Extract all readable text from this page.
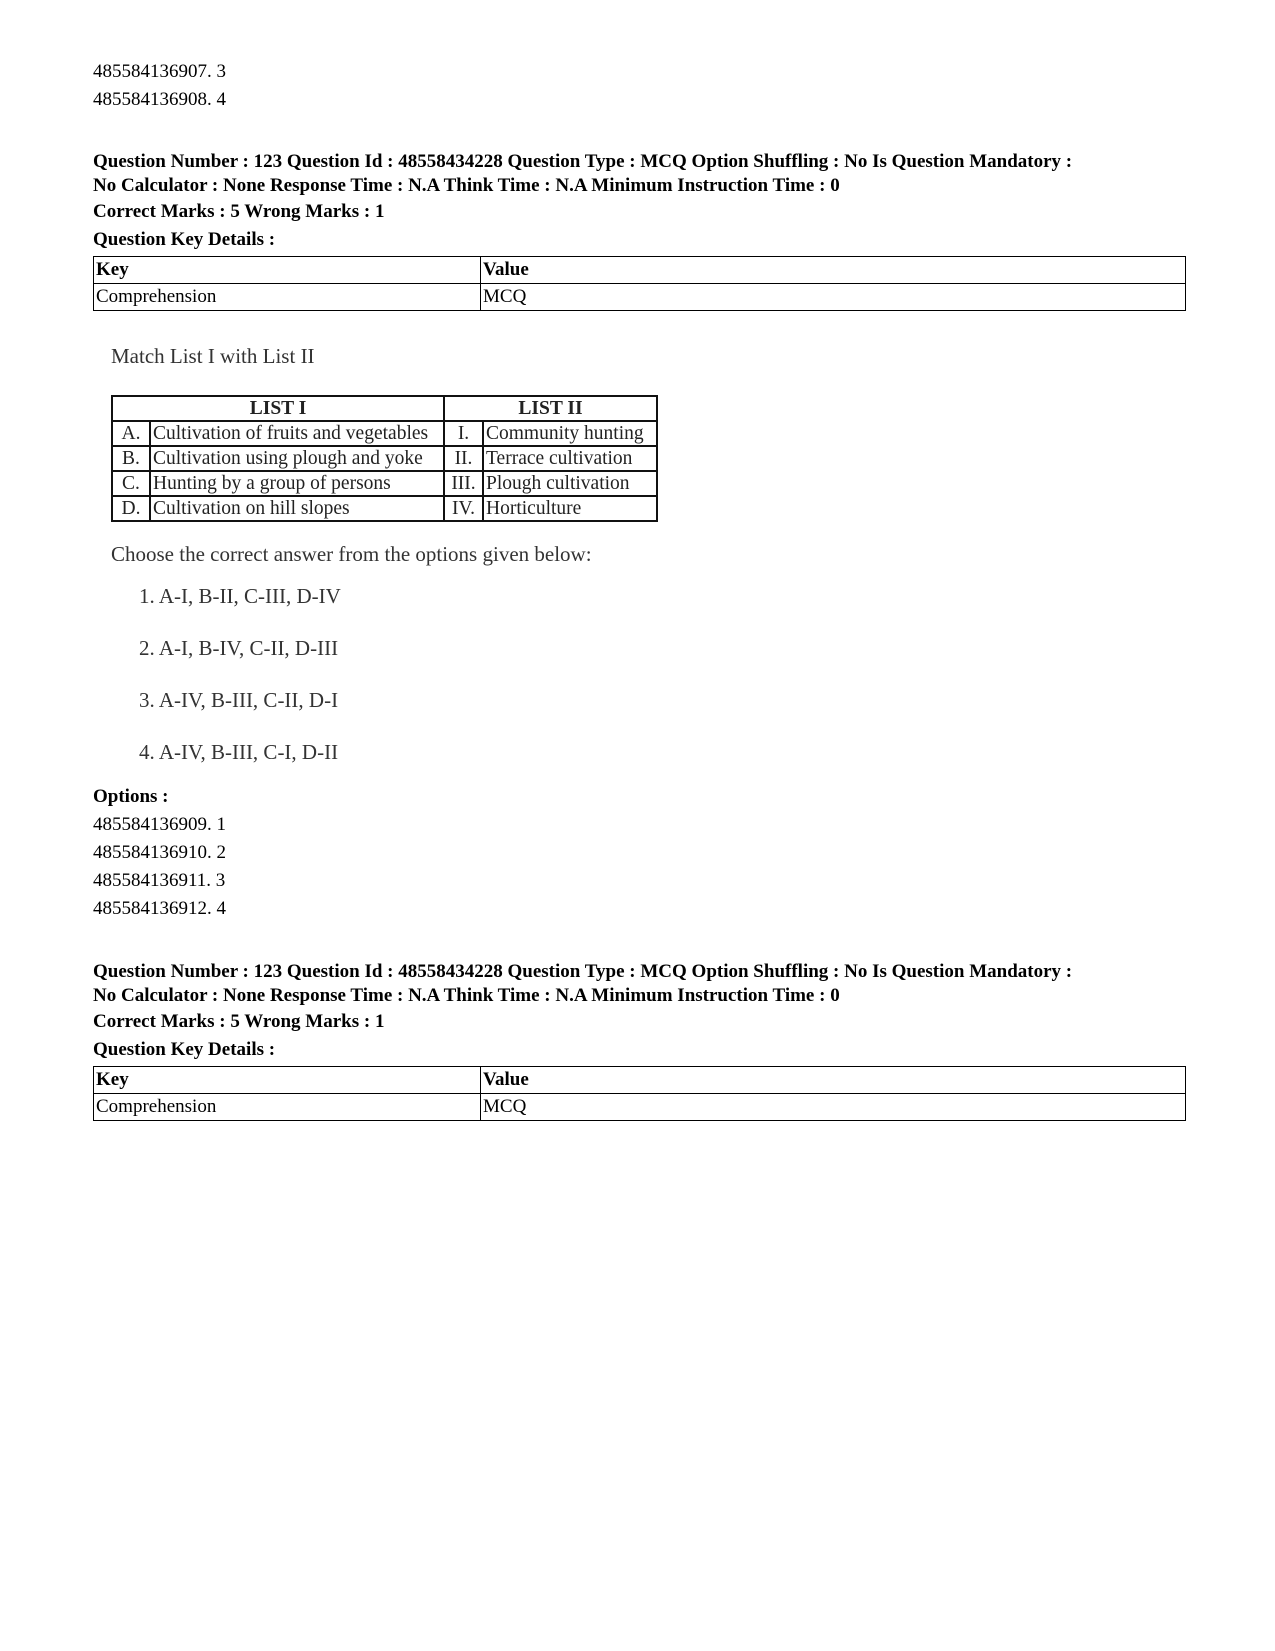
485584136907. 3
485584136908. 4
Question Number : 123 Question Id : 48558434228 Question Type : MCQ Option Shuffling : No Is Question Mandatory :
No Calculator : None Response Time : N.A Think Time : N.A Minimum Instruction Time : 0
Correct Marks : 5 Wrong Marks : 1
Question Key Details :
Key	Value
Comprehension	MCQ
Match List I with List II
LIST I		LIST II	
A.	Cultivation of fruits and vegetables	I.	Community hunting
B.	Cultivation using plough and yoke	II.	Terrace cultivation
C.	Hunting by a group of persons	III.	Plough cultivation
D.	Cultivation on hill slopes	IV.	Horticulture
Choose the correct answer from the options given below:
1. A-I, B-II, C-III, D-IV
2. A-I, B-IV, C-II, D-III
3. A-IV, B-III, C-II, D-I
4. A-IV, B-III, C-I, D-II
Options :
485584136909. 1
485584136910. 2
485584136911. 3
485584136912. 4
Question Number : 123 Question Id : 48558434228 Question Type : MCQ Option Shuffling : No Is Question Mandatory :
No Calculator : None Response Time : N.A Think Time : N.A Minimum Instruction Time : 0
Correct Marks : 5 Wrong Marks : 1
Question Key Details :
Key	Value
Comprehension	MCQ
